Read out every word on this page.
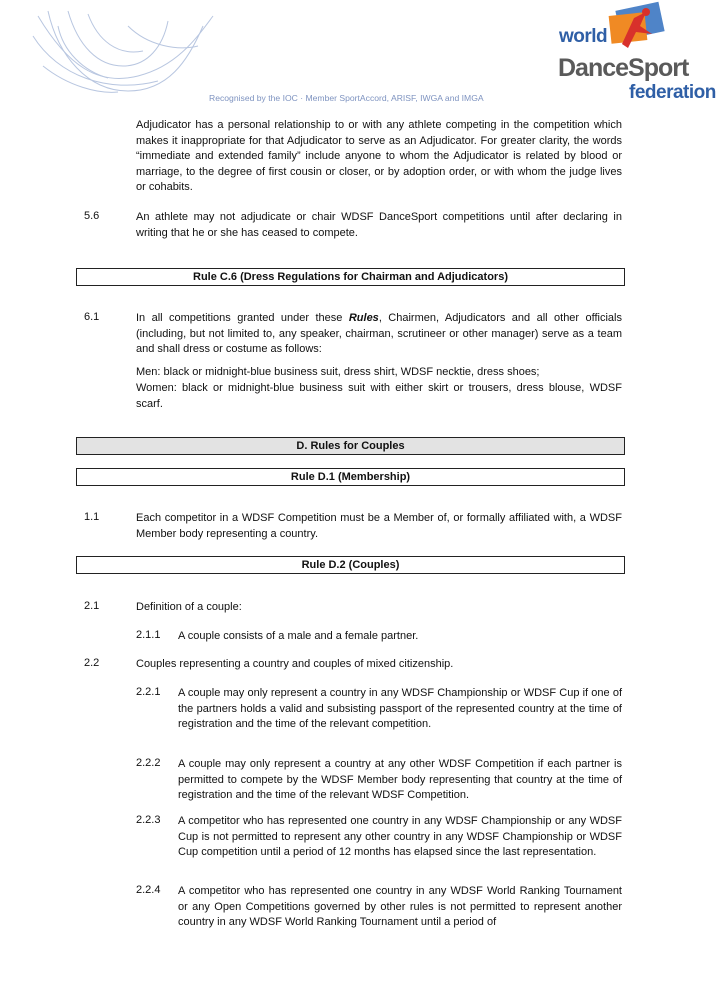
world
DanceSport
federation
Recognised by the IOC · Member SportAccord, ARISF, IWGA and IMGA
Adjudicator has a personal relationship to or with any athlete competing in the competition which makes it inappropriate for that Adjudicator to serve as an Adjudicator. For greater clarity, the words “immediate and extended family” include anyone to whom the Adjudicator is related by blood or marriage, to the degree of first cousin or closer, or by adoption order, or with whom the judge lives or cohabits.
5.6	An athlete may not adjudicate or chair WDSF DanceSport competitions until after declaring in writing that he or she has ceased to compete.
Rule C.6 (Dress Regulations for Chairman and Adjudicators)
6.1	In all competitions granted under these Rules, Chairmen, Adjudicators and all other officials (including, but not limited to, any speaker, chairman, scrutineer or other manager) serve as a team and shall dress or costume as follows:
Men: black or midnight-blue business suit, dress shirt, WDSF necktie, dress shoes;
Women: black or midnight-blue business suit with either skirt or trousers, dress blouse, WDSF scarf.
D. Rules for Couples
Rule D.1 (Membership)
1.1	Each competitor in a WDSF Competition must be a Member of, or formally affiliated with, a WDSF Member body representing a country.
Rule D.2 (Couples)
2.1	Definition of a couple:
2.1.1 A couple consists of a male and a female partner.
2.2	Couples representing a country and couples of mixed citizenship.
2.2.1 A couple may only represent a country in any WDSF Championship or WDSF Cup if one of the partners holds a valid and subsisting passport of the represented country at the time of registration and the time of the relevant competition.
2.2.2 A couple may only represent a country at any other WDSF Competition if each partner is permitted to compete by the WDSF Member body representing that country at the time of registration and the time of the relevant WDSF Competition.
2.2.3 A competitor who has represented one country in any WDSF Championship or any WDSF Cup is not permitted to represent any other country in any WDSF Championship or WDSF Cup competition until a period of 12 months has elapsed since the last representation.
2.2.4 A competitor who has represented one country in any WDSF World Ranking Tournament or any Open Competitions governed by other rules is not permitted to represent another country in any WDSF World Ranking Tournament until a period of
